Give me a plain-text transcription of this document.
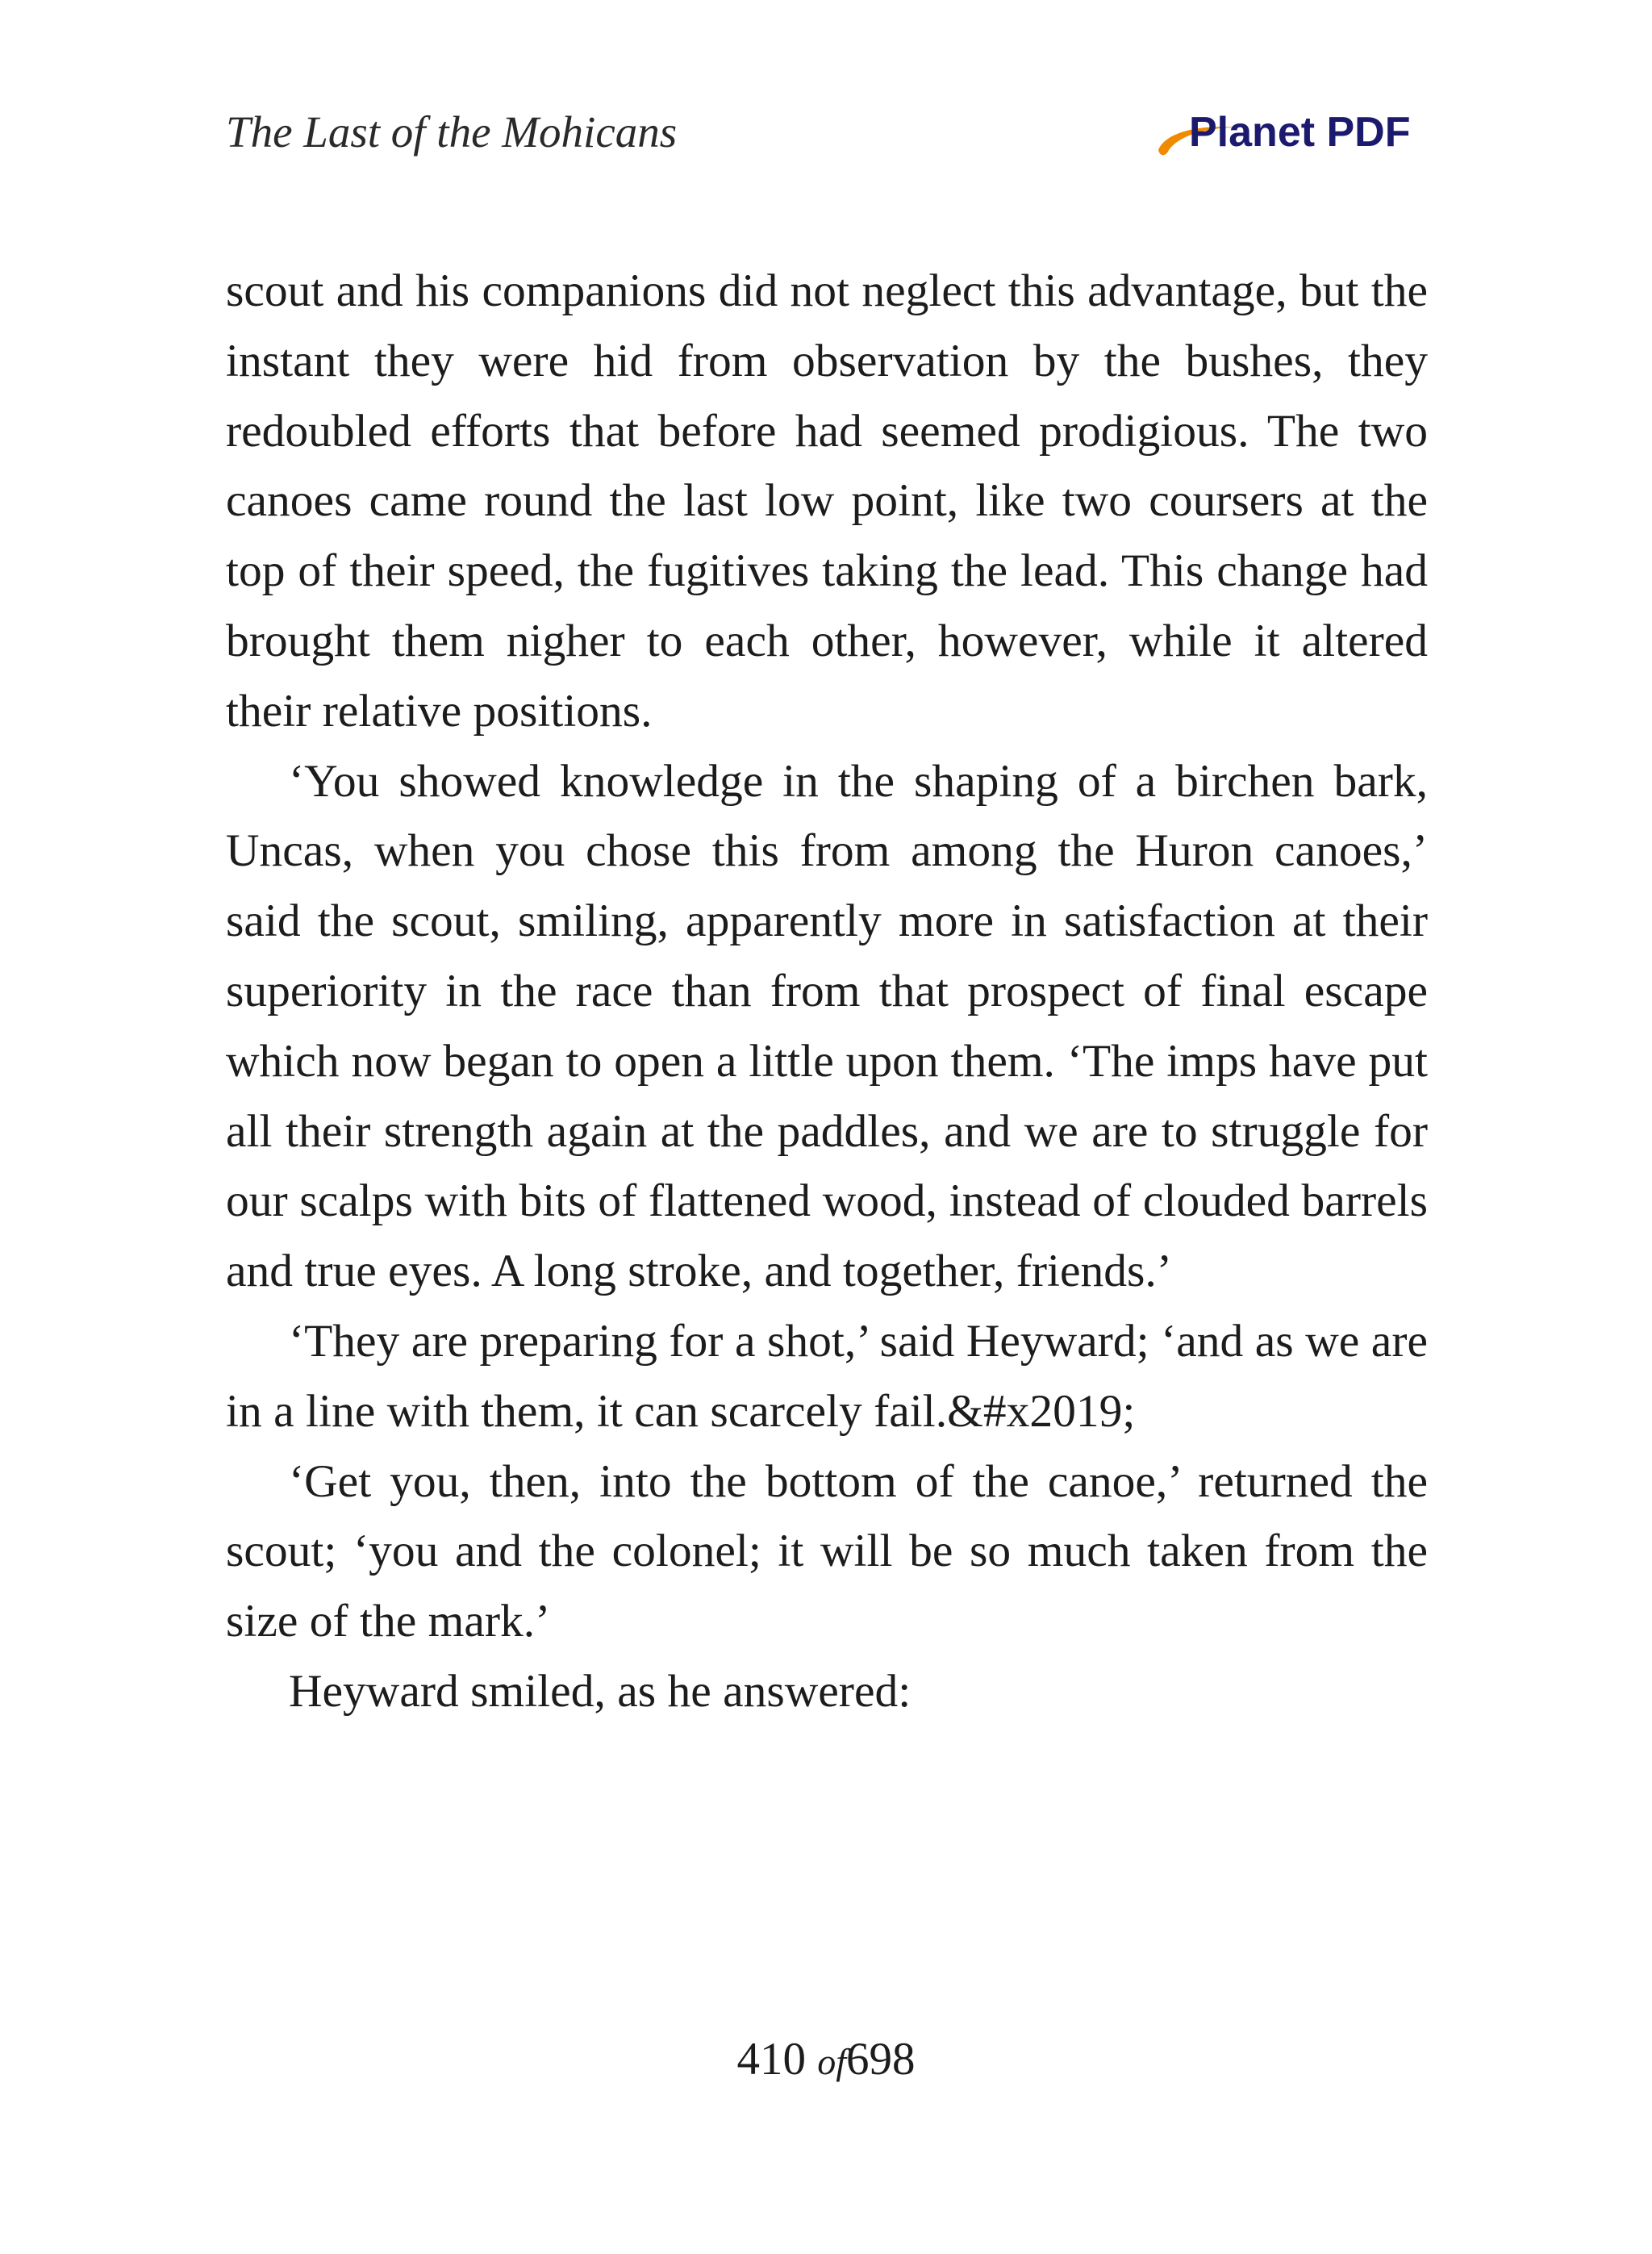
The Last of the Mohicans	Planet PDF

scout and his companions did not neglect this advantage, but the instant they were hid from observation by the bushes, they redoubled efforts that before had seemed prodigious. The two canoes came round the last low point, like two coursers at the top of their speed, the fugitives taking the lead. This change had brought them nigher to each other, however, while it altered their relative positions.

‘You showed knowledge in the shaping of a birchen bark, Uncas, when you chose this from among the Huron canoes,’ said the scout, smiling, apparently more in satisfaction at their superiority in the race than from that prospect of final escape which now began to open a little upon them. ‘The imps have put all their strength again at the paddles, and we are to struggle for our scalps with bits of flattened wood, instead of clouded barrels and true eyes. A long stroke, and together, friends.’

‘They are preparing for a shot,’ said Heyward; ‘and as we are in a line with them, it can scarcely fail.&#x2019;

‘Get you, then, into the bottom of the canoe,’ returned the scout; ‘you and the colonel; it will be so much taken from the size of the mark.’

Heyward smiled, as he answered:

410 of698
